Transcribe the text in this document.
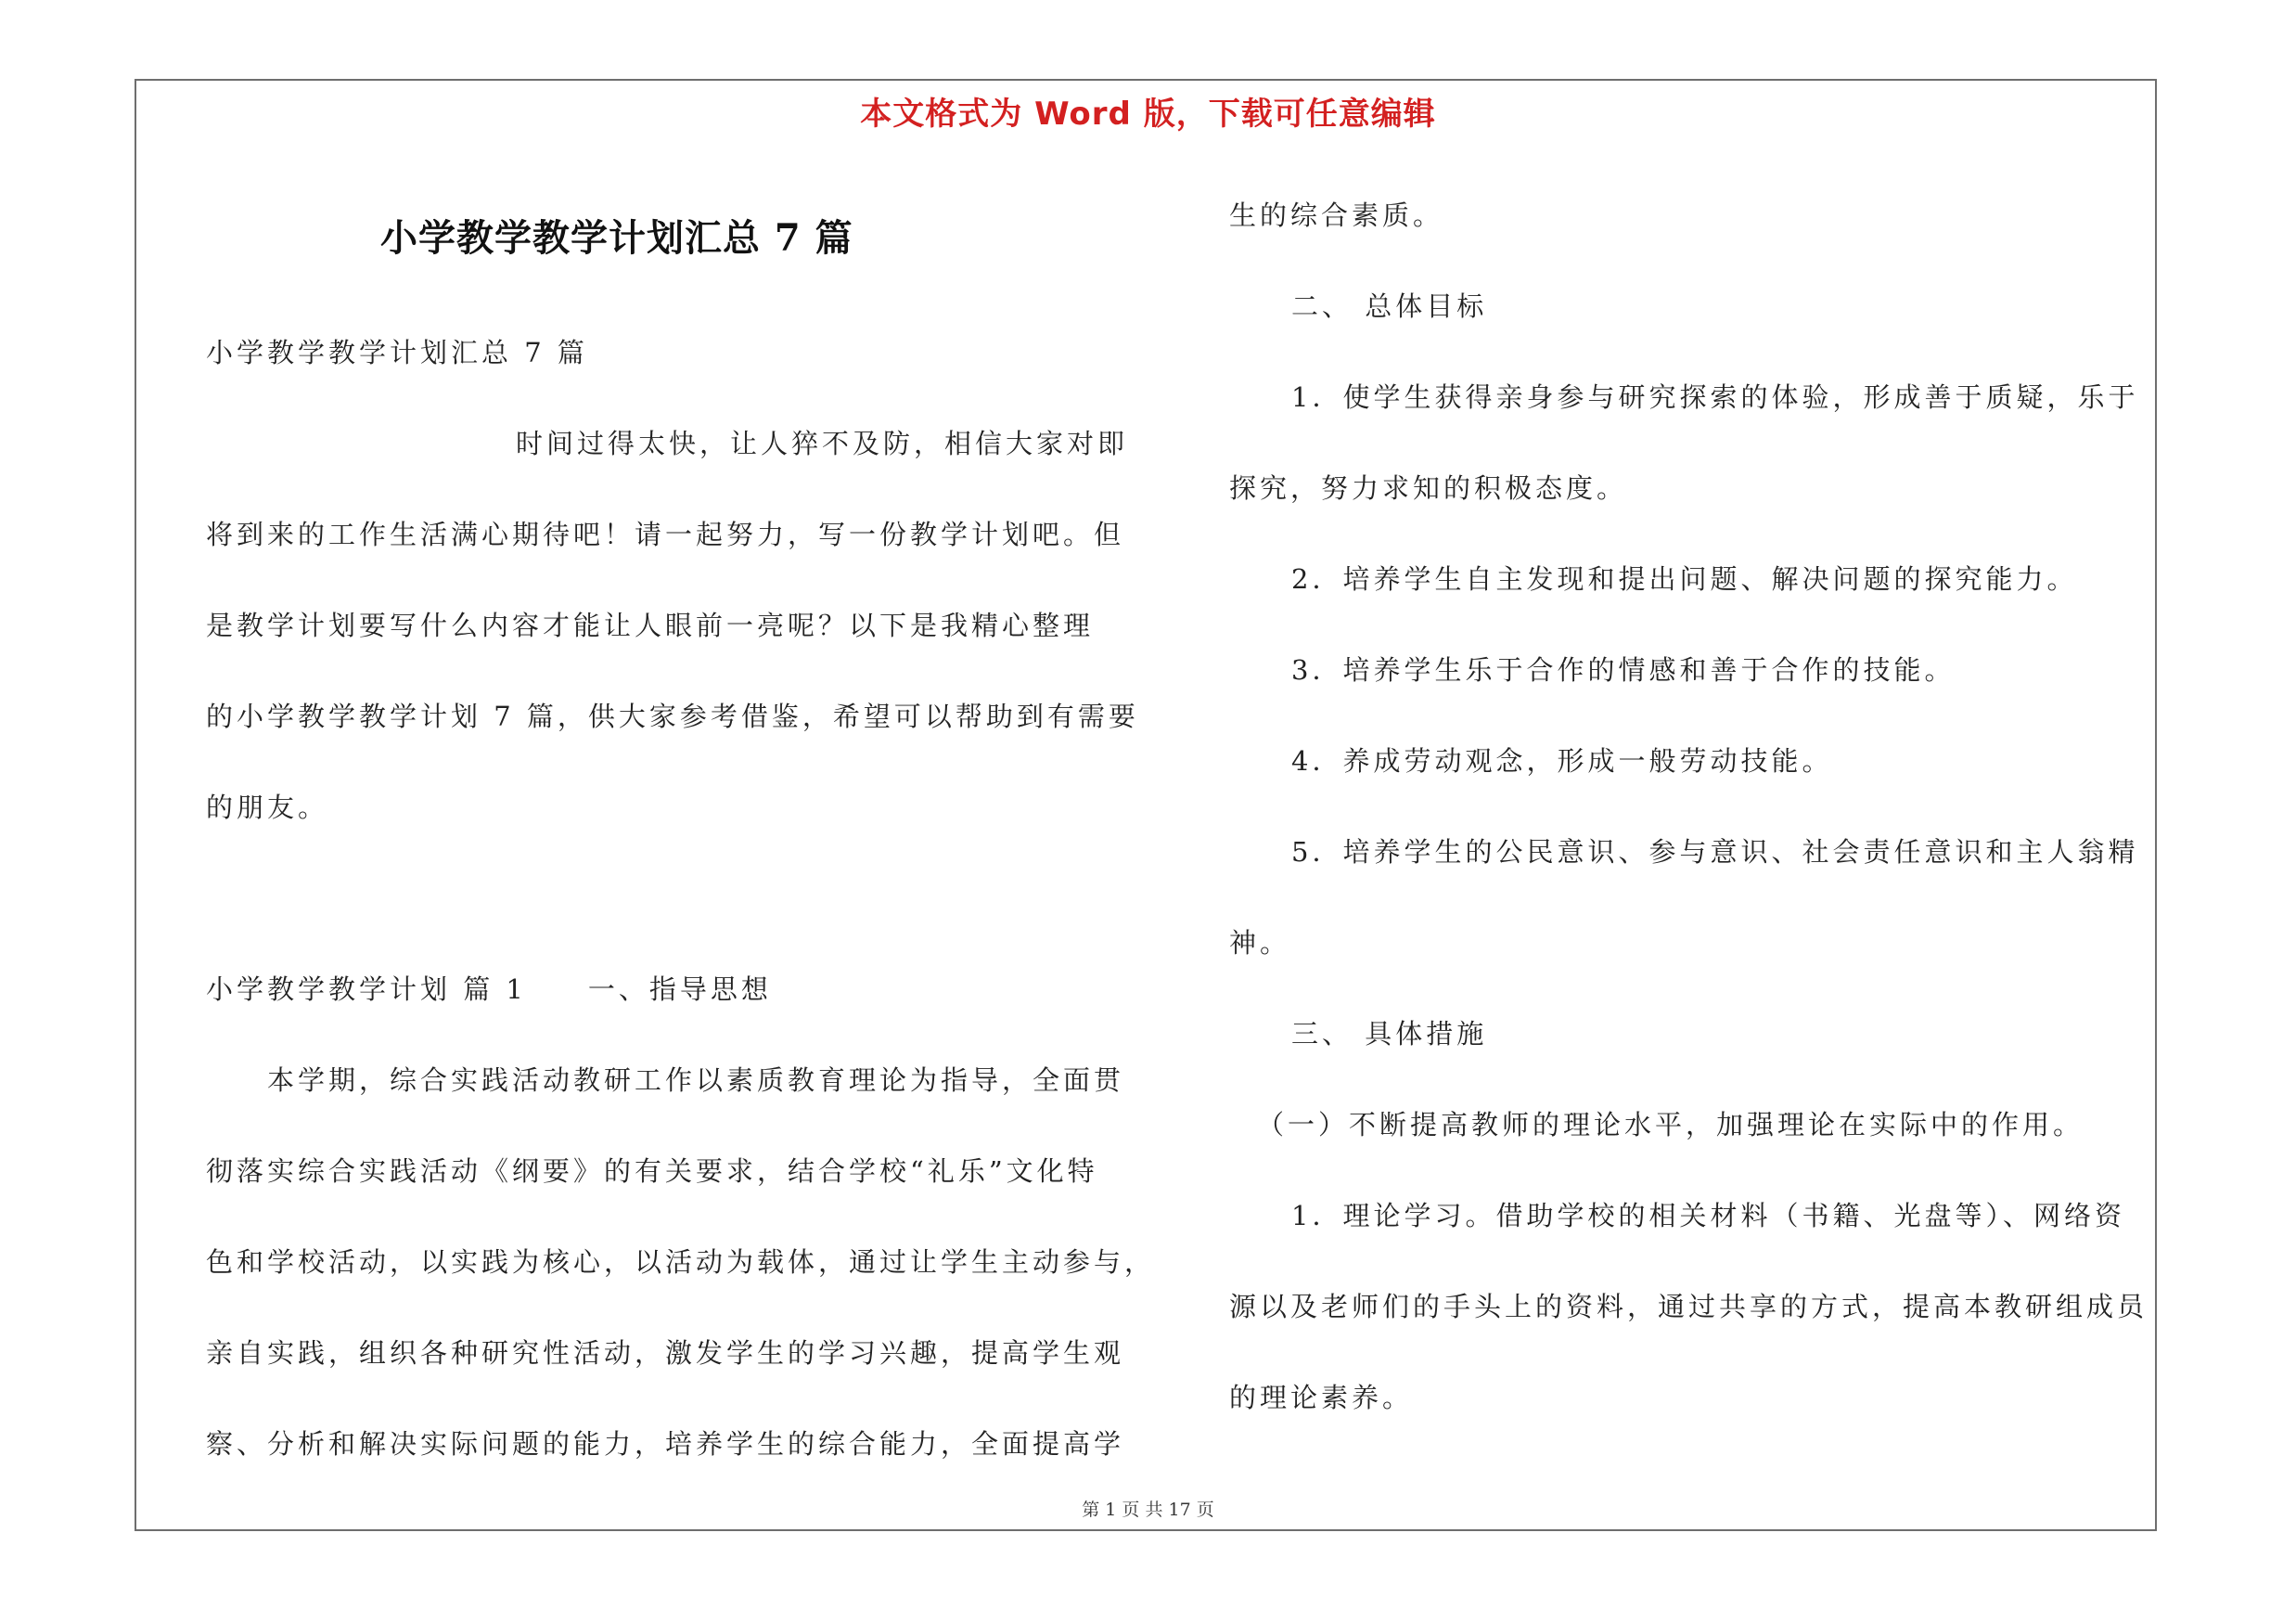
本文格式为 Word 版，下载可任意编辑
小学教学教学计划汇总 7 篇
小学教学教学计划汇总 7 篇
时间过得太快，让人猝不及防，相信大家对即
将到来的工作生活满心期待吧！请一起努力，写一份教学计划吧。但
是教学计划要写什么内容才能让人眼前一亮呢？以下是我精心整理
的小学教学教学计划 7 篇，供大家参考借鉴，希望可以帮助到有需要
的朋友。
小学教学教学计划 篇 1　　一、指导思想
本学期，综合实践活动教研工作以素质教育理论为指导，全面贯
彻落实综合实践活动《纲要》的有关要求，结合学校“礼乐”文化特
色和学校活动，以实践为核心，以活动为载体，通过让学生主动参与，
亲自实践，组织各种研究性活动，激发学生的学习兴趣，提高学生观
察、分析和解决实际问题的能力，培养学生的综合能力，全面提高学
生的综合素质。
二、 总体目标
1．使学生获得亲身参与研究探索的体验，形成善于质疑，乐于
探究，努力求知的积极态度。
2．培养学生自主发现和提出问题、解决问题的探究能力。
3．培养学生乐于合作的情感和善于合作的技能。
4．养成劳动观念，形成一般劳动技能。
5．培养学生的公民意识、参与意识、社会责任意识和主人翁精
神。
三、 具体措施
（一）不断提高教师的理论水平，加强理论在实际中的作用。
1．理论学习。借助学校的相关材料（书籍、光盘等）、网络资
源以及老师们的手头上的资料，通过共享的方式，提高本教研组成员
的理论素养。
第 1 页 共 17 页
